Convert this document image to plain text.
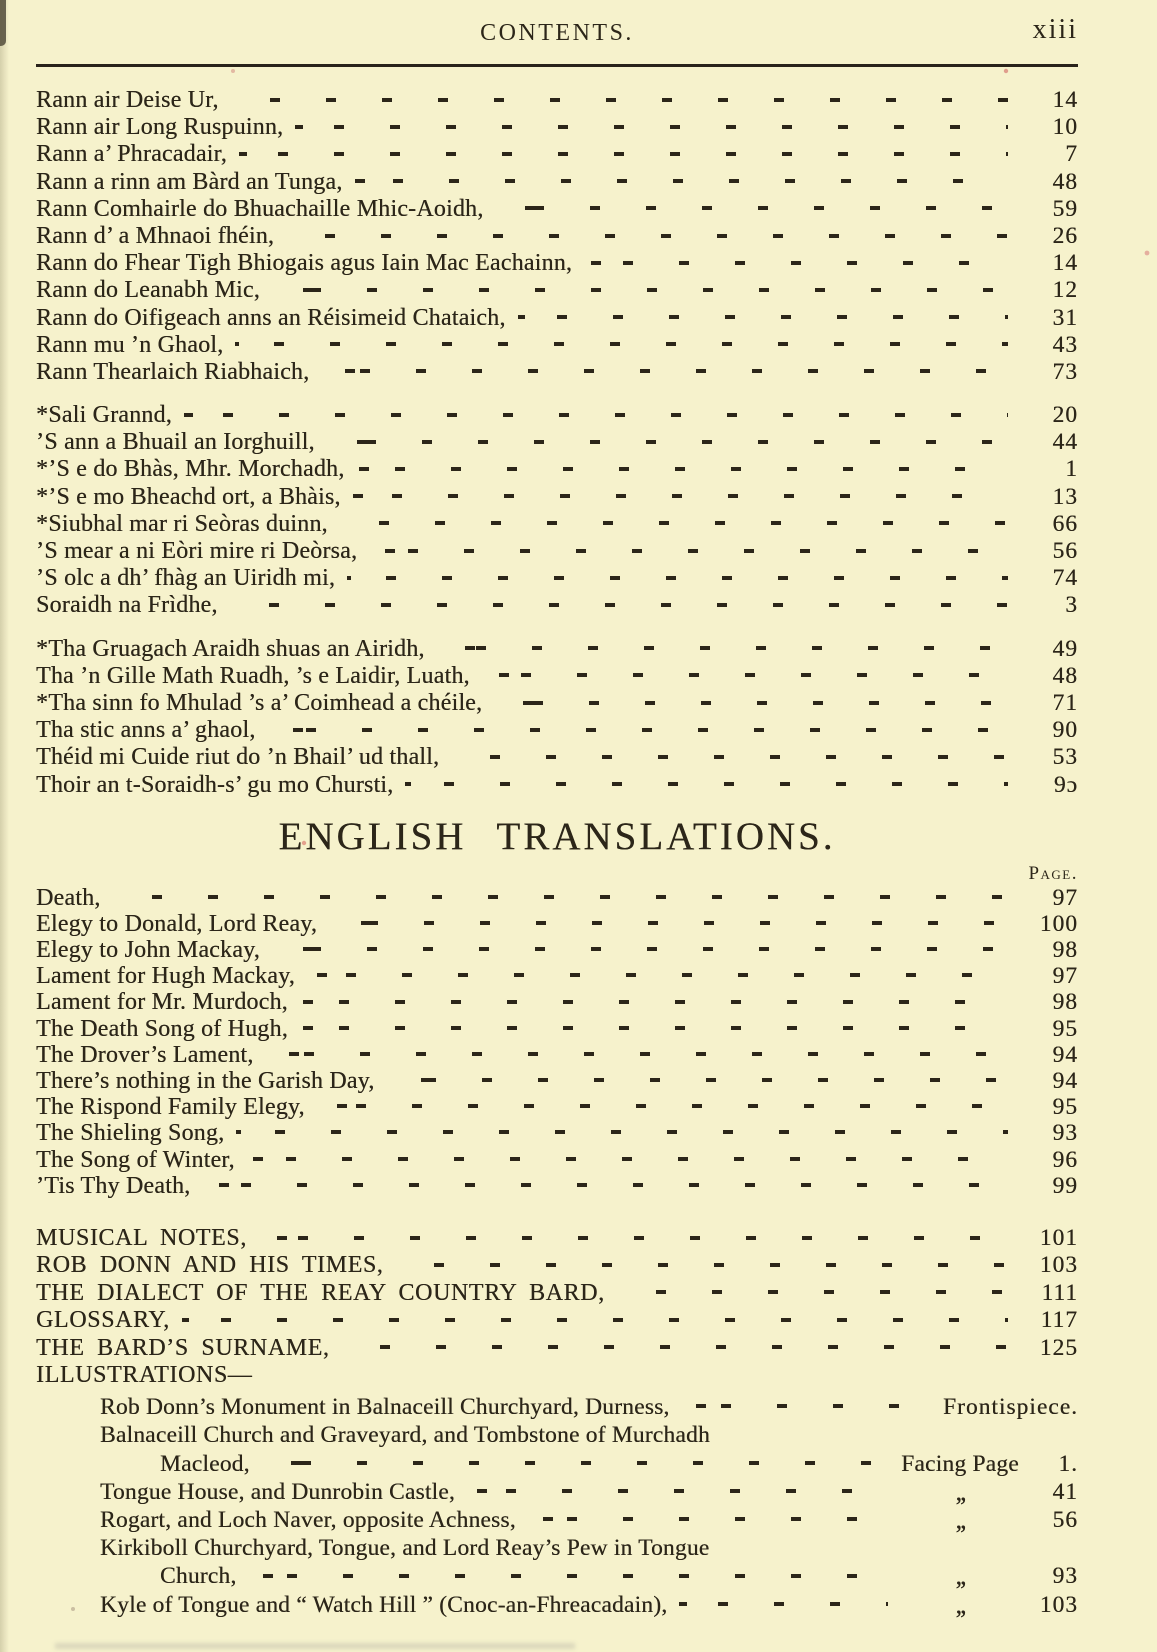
CONTENTS.	xiii
Rann air Deise Ur,	14
Rann air Long Ruspuinn,	10
Rann a’ Phracadair,	7
Rann a rinn am Bàrd an Tunga,	48
Rann Comhairle do Bhuachaille Mhic-Aoidh,	59
Rann d’ a Mhnaoi fhéin,	26
Rann do Fhear Tigh Bhiogais agus Iain Mac Eachainn,	14
Rann do Leanabh Mic,	12
Rann do Oifigeach anns an Réisimeid Chataich,	31
Rann mu ’n Ghaol,	43
Rann Thearlaich Riabhaich,	73
*Sali Grannd,	20
’S ann a Bhuail an Iorghuill,	44
*’S e do Bhàs, Mhr. Morchadh,	1
*’S e mo Bheachd ort, a Bhàis,	13
*Siubhal mar ri Seòras duinn,	66
’S mear a ni Eòri mire ri Deòrsa,	56
’S olc a dh’ fhàg an Uiridh mi,	74
Soraidh na Frìdhe,	3
*Tha Gruagach Araidh shuas an Airidh,	49
Tha ’n Gille Math Ruadh, ’s e Laidir, Luath,	48
*Tha sinn fo Mhulad ’s a’ Coimhead a chéile,	71
Tha stic anns a’ ghaol,	90
Théid mi Cuide riut do ’n Bhail’ ud thall,	53
Thoir an t-Soraidh-s’ gu mo Chursti,	9ɔ
ENGLISH TRANSLATIONS.
Page.
Death,	97
Elegy to Donald, Lord Reay,	100
Elegy to John Mackay,	98
Lament for Hugh Mackay,	97
Lament for Mr. Murdoch,	98
The Death Song of Hugh,	95
The Drover’s Lament,	94
There’s nothing in the Garish Day,	94
The Rispond Family Elegy,	95
The Shieling Song,	93
The Song of Winter,	96
’Tis Thy Death,	99
MUSICAL NOTES,	101
ROB DONN AND HIS TIMES,	103
THE DIALECT OF THE REAY COUNTRY BARD,	111
GLOSSARY,	117
THE BARD’S SURNAME,	125
ILLUSTRATIONS—
Rob Donn’s Monument in Balnaceill Churchyard, Durness,	Frontispiece.
Balnaceill Church and Graveyard, and Tombstone of Murchadh
Macleod,	Facing Page	1.
Tongue House, and Dunrobin Castle,	,,	41
Rogart, and Loch Naver, opposite Achness,	,,	56
Kirkiboll Churchyard, Tongue, and Lord Reay’s Pew in Tongue
Church,	,,	93
Kyle of Tongue and “ Watch Hill ” (Cnoc-an-Fhreacadain),	,,	103
